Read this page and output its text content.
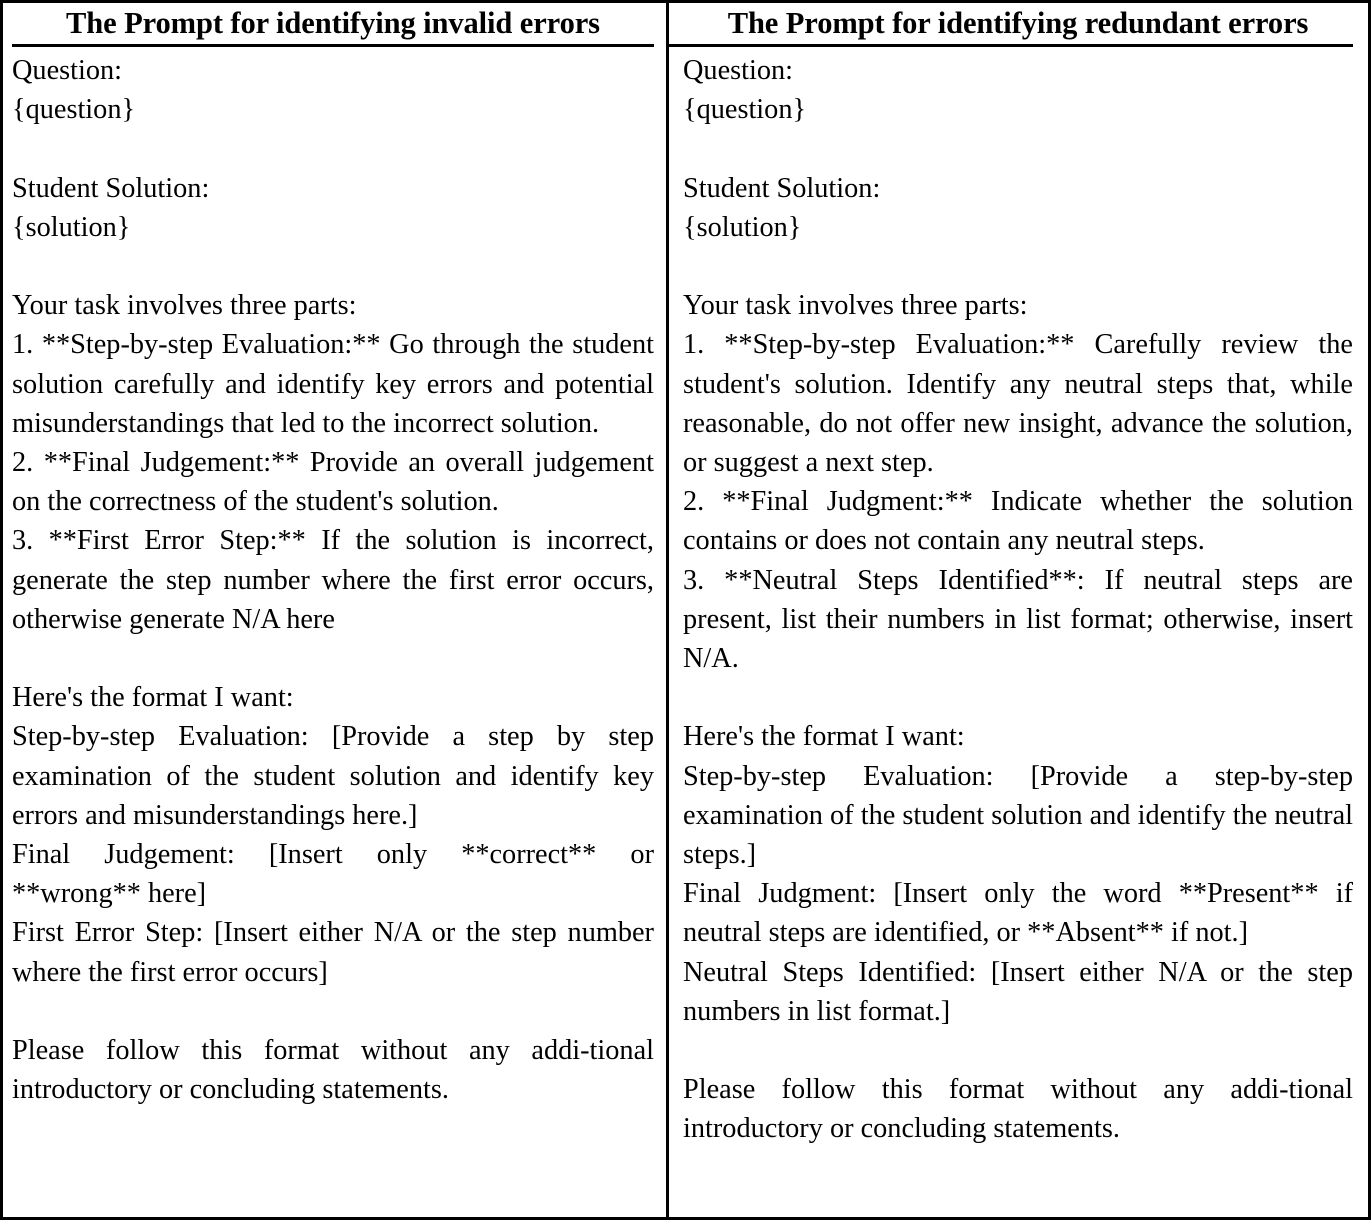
The Prompt for identifying invalid errors

Question:

{question}

Student Solution:

{solution}

Your task involves three parts:

1. **Step-by-step Evaluation:** Go through the student solution carefully and identify key errors and potential misunderstandings that led to the incorrect solution.

2. **Final Judgement:** Provide an overall judgement on the correctness of the student's solution.

3. **First Error Step:** If the solution is incorrect, generate the step number where the first error occurs, otherwise generate N/A here

Here's the format I want:

Step-by-step Evaluation: [Provide a step by step examination of the student solution and identify key errors and misunderstandings here.]

Final Judgement: [Insert only **correct** or **wrong** here]

First Error Step: [Insert either N/A or the step number where the first error occurs]

Please follow this format without any addi-tional introductory or concluding statements.

The Prompt for identifying redundant errors

Question:

{question}

Student Solution:

{solution}

Your task involves three parts:

1. **Step-by-step Evaluation:** Carefully review the student's solution. Identify any neutral steps that, while reasonable, do not offer new insight, advance the solution, or suggest a next step.

2. **Final Judgment:** Indicate whether the solution contains or does not contain any neutral steps.

3. **Neutral Steps Identified**: If neutral steps are present, list their numbers in list format; otherwise, insert N/A.

Here's the format I want:

Step-by-step Evaluation: [Provide a step-by-step examination of the student solution and identify the neutral steps.]

Final Judgment: [Insert only the word **Present** if neutral steps are identified, or **Absent** if not.]

Neutral Steps Identified: [Insert either N/A or the step numbers in list format.]

Please follow this format without any addi-tional introductory or concluding statements.
